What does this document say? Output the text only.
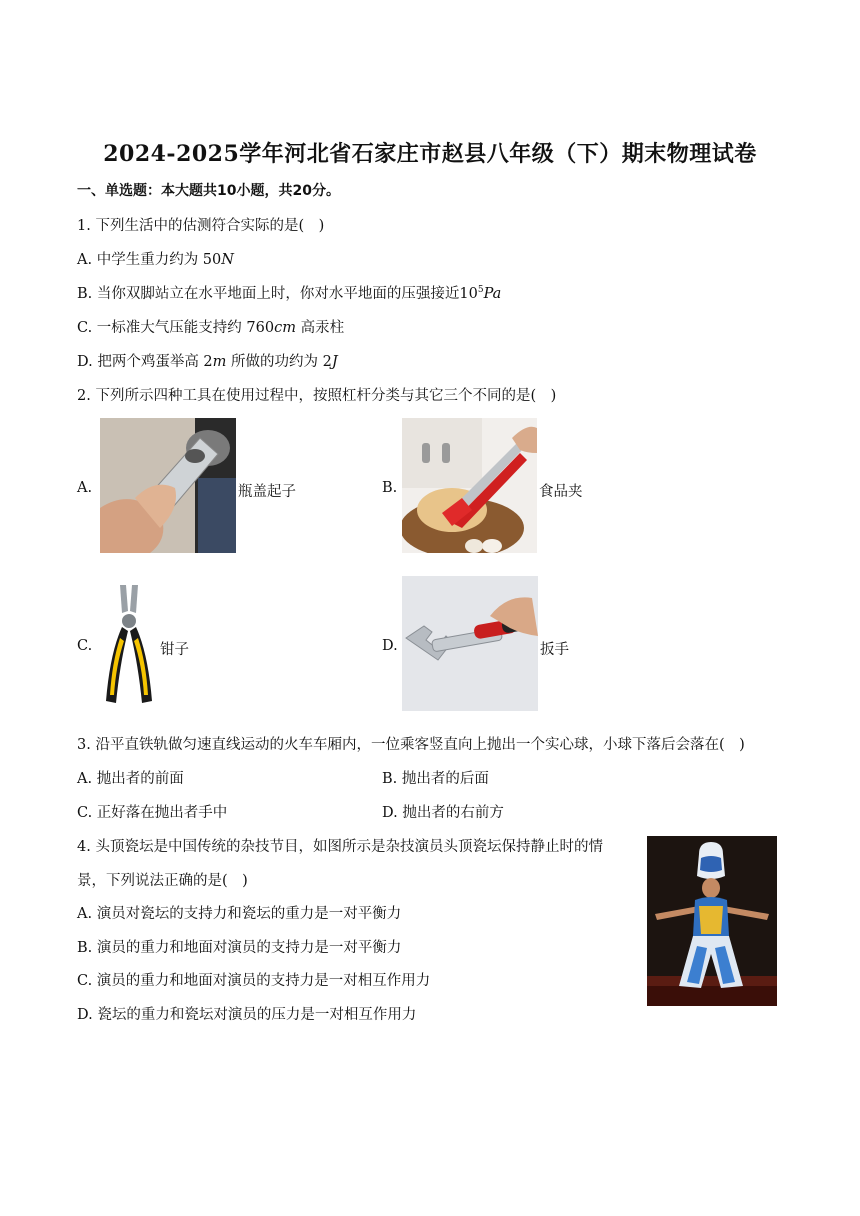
2024-2025学年河北省石家庄市赵县八年级（下）期末物理试卷
一、单选题：本大题共10小题，共20分。
1. 下列生活中的估测符合实际的是(　)
A. 中学生重力约为 50N
B. 当你双脚站立在水平地面上时，你对水平地面的压强接近$10^5Pa$
C. 一标准大气压能支持约 760cm 高汞柱
D. 把两个鸡蛋举高 2m 所做的功约为 2J
2. 下列所示四种工具在使用过程中，按照杠杆分类与其它三个不同的是(　)
A.	瓶盖起子	B.	食品夹
C.	钳子	D.	扳手
3. 沿平直铁轨做匀速直线运动的火车车厢内，一位乘客竖直向上抛出一个实心球，小球下落后会落在(　)
A. 抛出者的前面	B. 抛出者的后面
C. 正好落在抛出者手中	D. 抛出者的右前方
4. 头顶瓷坛是中国传统的杂技节目，如图所示是杂技演员头顶瓷坛保持静止时的情
景，下列说法正确的是(　)
A. 演员对瓷坛的支持力和瓷坛的重力是一对平衡力
B. 演员的重力和地面对演员的支持力是一对平衡力
C. 演员的重力和地面对演员的支持力是一对相互作用力
D. 瓷坛的重力和瓷坛对演员的压力是一对相互作用力
